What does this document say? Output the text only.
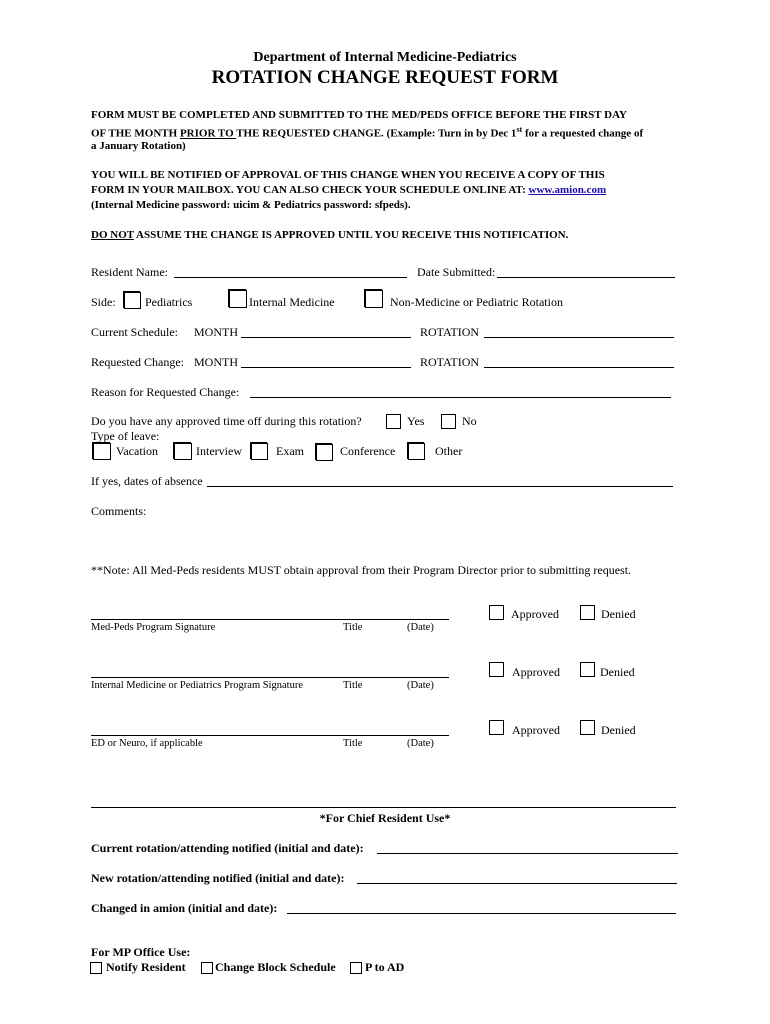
Department of Internal Medicine-Pediatrics
ROTATION CHANGE REQUEST FORM
FORM MUST BE COMPLETED AND SUBMITTED TO THE MED/PEDS OFFICE BEFORE THE FIRST DAY
OF THE MONTH PRIOR TO THE REQUESTED CHANGE. (Example: Turn in by Dec 1st for a requested change of
a January Rotation)
YOU WILL BE NOTIFIED OF APPROVAL OF THIS CHANGE WHEN YOU RECEIVE A COPY OF THIS
FORM IN YOUR MAILBOX. YOU CAN ALSO CHECK YOUR SCHEDULE ONLINE AT: www.amion.com
(Internal Medicine password: uicim & Pediatrics password: sfpeds).
DO NOT ASSUME THE CHANGE IS APPROVED UNTIL YOU RECEIVE THIS NOTIFICATION.
Resident Name:	Date Submitted:
Side: Pediatrics	Internal Medicine	Non-Medicine or Pediatric Rotation
Current Schedule: MONTH	ROTATION
Requested Change: MONTH	ROTATION
Reason for Requested Change:
Do you have any approved time off during this rotation?	Yes	No
Type of leave:
Vacation	Interview	Exam	Conference	Other
If yes, dates of absence
Comments:
**Note: All Med-Peds residents MUST obtain approval from their Program Director prior to submitting request.
Med-Peds Program Signature	Title	(Date)
Approved	Denied
Internal Medicine or Pediatrics Program Signature	Title	(Date)
Approved	Denied
ED or Neuro, if applicable	Title	(Date)
Approved	Denied
*For Chief Resident Use*
Current rotation/attending notified (initial and date):
New rotation/attending notified (initial and date):
Changed in amion (initial and date):
For MP Office Use:
Notify Resident Change Block Schedule P to AD
